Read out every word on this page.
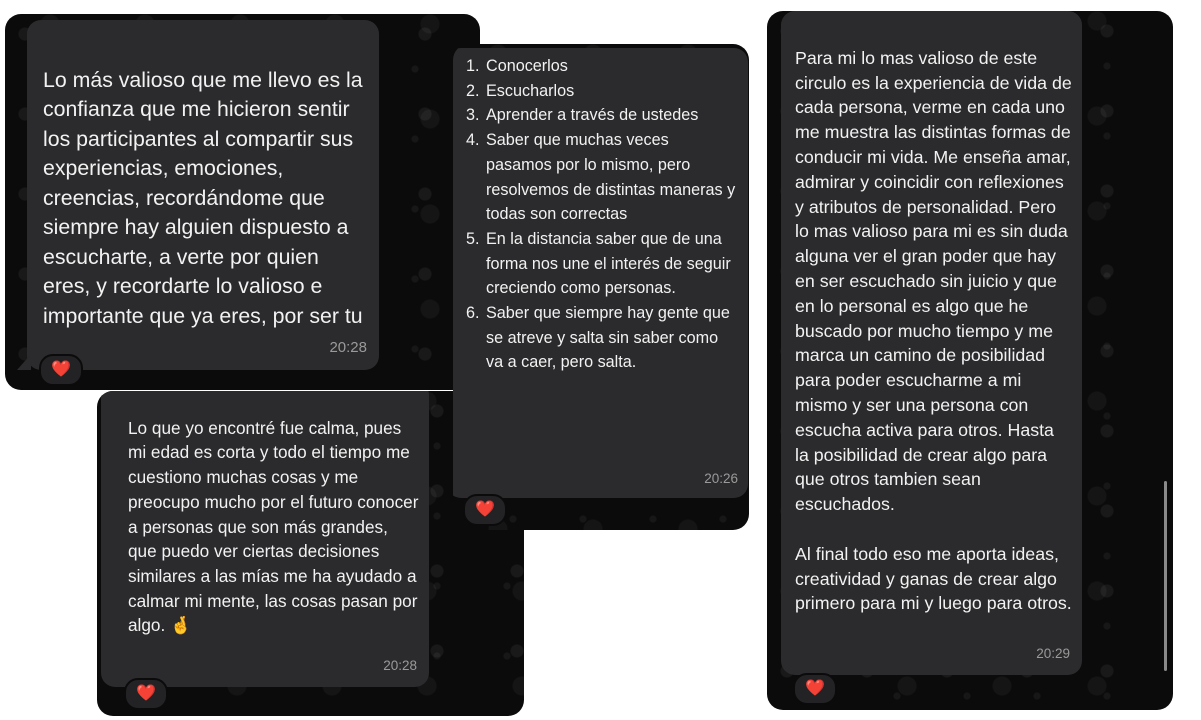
Lo más valioso que me llevo es la confianza que me hicieron sentir los participantes al compartir sus experiencias, emociones, creencias, recordándome que siempre hay alguien dispuesto a escucharte, a verte por quien eres, y recordarte lo valioso e importante que ya eres, por ser tu

20:28

❤️

Lo que yo encontré fue calma, pues mi edad es corta y todo el tiempo me cuestiono muchas cosas y me preocupo mucho por el futuro conocer a personas que son más grandes, que puedo ver ciertas decisiones similares a las mías me ha ayudado a calmar mi mente, las cosas pasan por algo. 🤞

20:28

❤️
1. Conocerlos
2. Escucharlos
3. Aprender a través de ustedes
4. Saber que muchas veces pasamos por lo mismo, pero resolvemos de distintas maneras y todas son correctas
5. En la distancia saber que de una forma nos une el interés de seguir creciendo como personas.
6. Saber que siempre hay gente que se atreve y salta sin saber como va a caer, pero salta.
20:26
❤️

Para mi lo mas valioso de este circulo es la experiencia de vida de cada persona, verme en cada uno me muestra las distintas formas de conducir mi vida. Me enseña amar, admirar y coincidir con reflexiones y atributos de personalidad. Pero lo mas valioso para mi es sin duda alguna ver el gran poder que hay en ser escuchado sin juicio y que en lo personal es algo que he buscado por mucho tiempo y me marca un camino de posibilidad para poder escucharme a mi mismo y ser una persona con escucha activa para otros. Hasta la posibilidad de crear algo para que otros tambien sean escuchados.

Al final todo eso me aporta ideas, creatividad y ganas de crear algo primero para mi y luego para otros.

20:29

❤️
